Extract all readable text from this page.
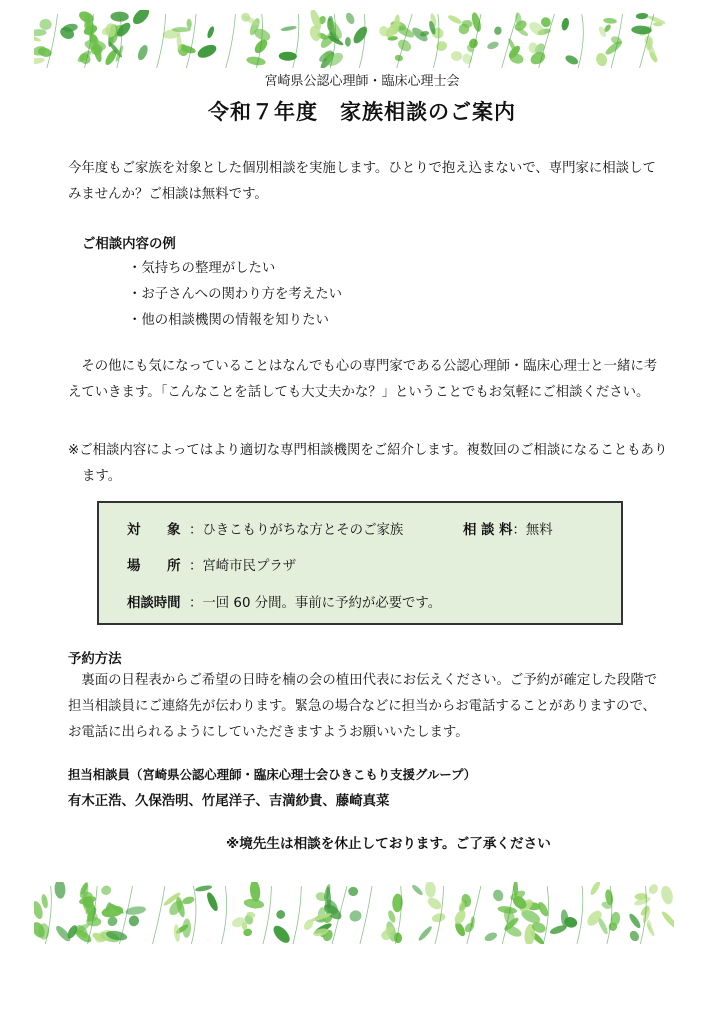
宮崎県公認心理師・臨床心理士会
令和７年度　家族相談のご案内

今年度もご家族を対象とした個別相談を実施します。ひとりで抱え込まないで、専門家に相談してみませんか？ご相談は無料です。

ご相談内容の例
・気持ちの整理がしたい
・お子さんへの関わり方を考えたい
・他の相談機関の情報を知りたい

その他にも気になっていることはなんでも心の専門家である公認心理師・臨床心理士と一緒に考えていきます。「こんなことを話しても大丈夫かな？」ということでもお気軽にご相談ください。

※ご相談内容によってはより適切な専門相談機関をご紹介します。複数回のご相談になることもあります。

対　　象 ：ひきこもりがちな方とそのご家族	相 談 料：無料
場　　所 ：宮崎市民プラザ
相談時間 ：一回 60 分間。事前に予約が必要です。
予約方法

裏面の日程表からご希望の日時を楠の会の植田代表にお伝えください。ご予約が確定した段階で担当相談員にご連絡先が伝わります。緊急の場合などに担当からお電話することがありますので、お電話に出られるようにしていただきますようお願いいたします。

担当相談員（宮崎県公認心理師・臨床心理士会ひきこもり支援グループ）
有木正浩、久保浩明、竹尾洋子、吉満紗貴、藤崎真菜
※境先生は相談を休止しております。ご了承ください
